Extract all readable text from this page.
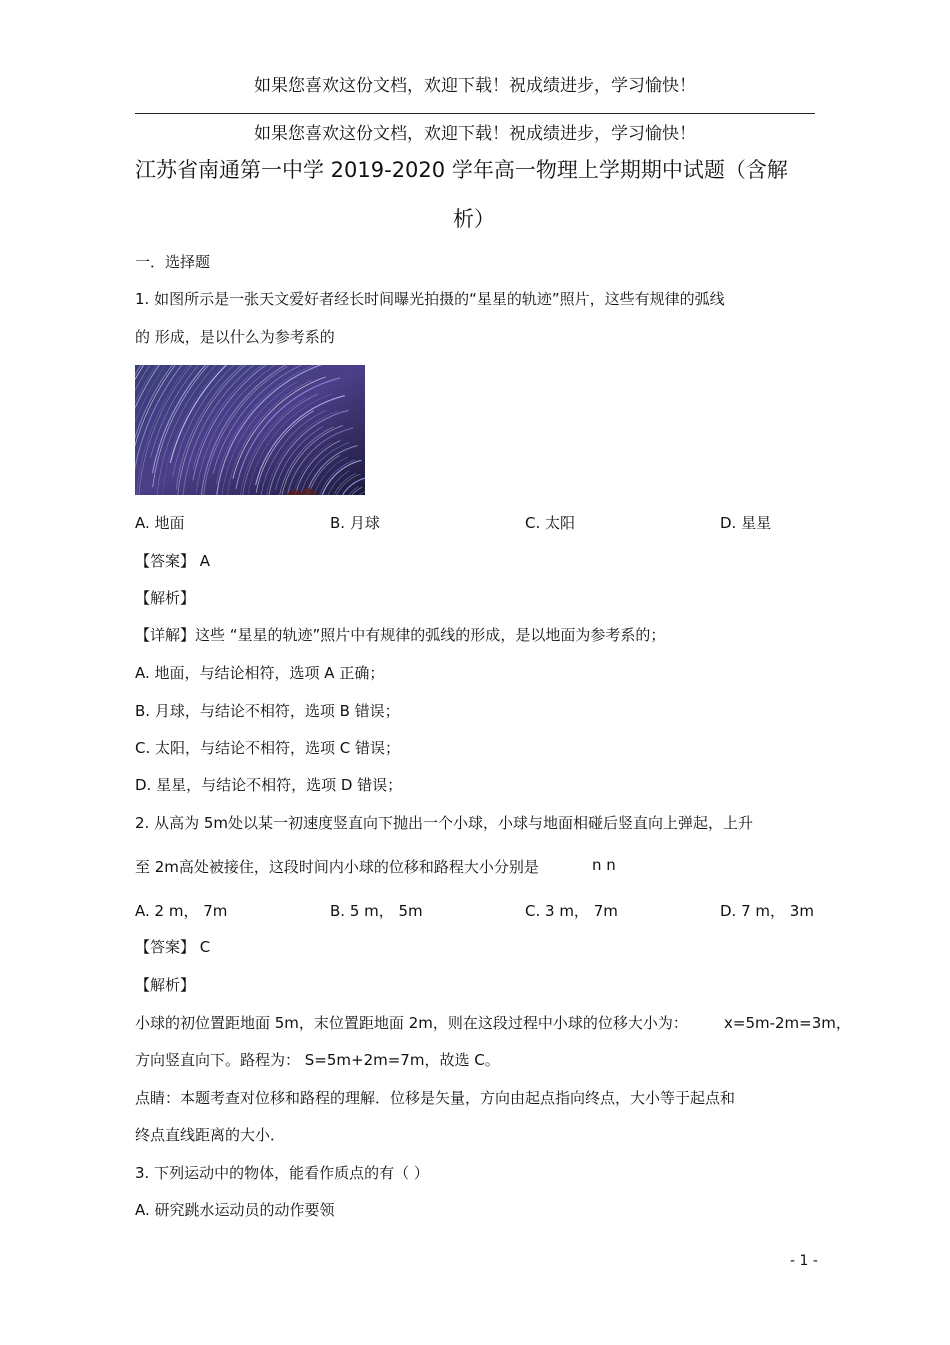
如果您喜欢这份文档，欢迎下载！祝成绩进步，学习愉快！
如果您喜欢这份文档，欢迎下载！祝成绩进步，学习愉快！
江苏省南通第一中学 2019-2020 学年高一物理上学期期中试题（含解
析）
一．选择题
1. 如图所示是一张天文爱好者经长时间曝光拍摄的“星星的轨迹”照片，这些有规律的弧线
的 形成，是以什么为参考系的
A. 地面	B. 月球	C. 太阳	D. 星星
【答案】 A
【解析】
【详解】这些 “星星的轨迹”照片中有规律的弧线的形成，是以地面为参考系的；
A. 地面，与结论相符，选项 A 正确；
B. 月球，与结论不相符，选项 B 错误；
C. 太阳，与结论不相符，选项 C 错误；
D. 星星，与结论不相符，选项 D 错误；
2. 从高为 5m处以某一初速度竖直向下抛出一个小球，小球与地面相碰后竖直向上弹起，上升
至 2m高处被接住，这段时间内小球的位移和路程大小分别是	n n
A. 2 m， 7m	B. 5 m， 5m	C. 3 m， 7m	D. 7 m， 3m
【答案】 C
【解析】
小球的初位置距地面 5m，末位置距地面 2m，则在这段过程中小球的位移大小为： x=5m-2m=3m，
方向竖直向下。路程为： S=5m+2m=7m，故选 C。
点睛：本题考查对位移和路程的理解．位移是矢量，方向由起点指向终点，大小等于起点和
终点直线距离的大小．
3. 下列运动中的物体，能看作质点的有（ ）
A. 研究跳水运动员的动作要领
- 1 -
